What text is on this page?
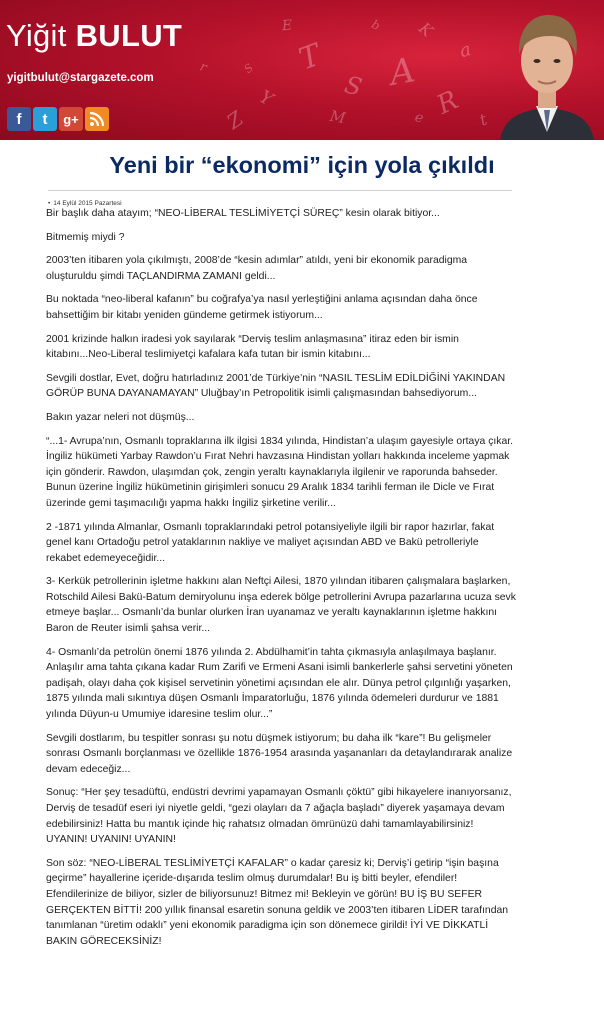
T
S A
Y	R
K
Z	M
E	b
a
r	S
e	t
Yiğit BULUT
yigitbulut@stargazete.com
f	t	g+
Yeni bir “ekonomi” için yola çıkıldı
• 14 Eylül 2015 Pazartesi

Bir başlık daha atayım; “NEO-LİBERAL TESLİMİYETÇİ SÜREÇ” kesin olarak bitiyor...

Bitmemiş miydi ?

2003’ten itibaren yola çıkılmıştı, 2008’de “kesin adımlar” atıldı, yeni bir ekonomik paradigma oluşturuldu şimdi TAÇLANDIRMA ZAMANI geldi...

Bu noktada “neo-liberal kafanın” bu coğrafya’ya nasıl yerleştiğini anlama açısından daha önce bahsettiğim bir kitabı yeniden gündeme getirmek istiyorum...

2001 krizinde halkın iradesi yok sayılarak “Derviş teslim anlaşmasına” itiraz eden bir ismin kitabını...Neo-Liberal teslimiyetçi kafalara kafa tutan bir ismin kitabını...

Sevgili dostlar, Evet, doğru hatırladınız 2001’de Türkiye’nin “NASIL TESLİM EDİLDİĞİNİ YAKINDAN GÖRÜP BUNA DAYANAMAYAN” Uluğbay’ın Petropolitik isimli çalışmasından bahsediyorum...

Bakın yazar neleri not düşmüş...

“...1- Avrupa’nın, Osmanlı topraklarına ilk ilgisi 1834 yılında, Hindistan’a ulaşım gayesiyle ortaya çıkar. İngiliz hükümeti Yarbay Rawdon’u Fırat Nehri havzasına Hindistan yolları hakkında inceleme yapmak için gönderir. Rawdon, ulaşımdan çok, zengin yeraltı kaynaklarıyla ilgilenir ve raporunda bahseder. Bunun üzerine İngiliz hükümetinin girişimleri sonucu 29 Aralık 1834 tarihli ferman ile Dicle ve Fırat üzerinde gemi taşımacılığı yapma hakkı İngiliz şirketine verilir...

2 -1871 yılında Almanlar, Osmanlı topraklarındaki petrol potansiyeliyle ilgili bir rapor hazırlar, fakat genel kanı Ortadoğu petrol yataklarının nakliye ve maliyet açısından ABD ve Bakü petrolleriyle rekabet edemeyeceğidir...

3- Kerkük petrollerinin işletme hakkını alan Neftçi Ailesi, 1870 yılından itibaren çalışmalara başlarken, Rotschild Ailesi Bakü-Batum demiryolunu inşa ederek bölge petrollerini Avrupa pazarlarına ucuza sevk etmeye başlar... Osmanlı’da bunlar olurken İran uyanamaz ve yeraltı kaynaklarının işletme hakkını Baron de Reuter isimli şahsa verir...

4- Osmanlı’da petrolün önemi 1876 yılında 2. Abdülhamit’in tahta çıkmasıyla anlaşılmaya başlanır. Anlaşılır ama tahta çıkana kadar Rum Zarifi ve Ermeni Asani isimli bankerlerle şahsi servetini yöneten padişah, olayı daha çok kişisel servetinin yönetimi açısından ele alır. Dünya petrol çılgınlığı yaşarken, 1875 yılında mali sıkıntıya düşen Osmanlı İmparatorluğu, 1876 yılında ödemeleri durdurur ve 1881 yılında Düyun-u Umumiye idaresine teslim olur...”

Sevgili dostlarım, bu tespitler sonrası şu notu düşmek istiyorum; bu daha ilk “kare”! Bu gelişmeler sonrası Osmanlı borçlanması ve özellikle 1876-1954 arasında yaşananları da detaylandırarak analize devam edeceğiz...

Sonuç: “Her şey tesadüftü, endüstri devrimi yapamayan Osmanlı çöktü” gibi hikayelere inanıyorsanız, Derviş de tesadüf eseri iyi niyetle geldi, “gezi olayları da 7 ağaçla başladı” diyerek yaşamaya devam edebilirsiniz! Hatta bu mantık içinde hiç rahatsız olmadan ömrünüzü dahi tamamlayabilirsiniz! UYANIN! UYANIN! UYANIN!

Son söz: “NEO-LİBERAL TESLİMİYETÇİ KAFALAR” o kadar çaresiz ki; Derviş’i getirip “işin başına geçirme” hayallerine içeride-dışarıda teslim olmuş durumdalar! Bu iş bitti beyler, efendiler! Efendilerinize de biliyor, sizler de biliyorsunuz! Bitmez mi! Bekleyin ve görün! BU İŞ BU SEFER GERÇEKTEN BİTTİ! 200 yıllık finansal esaretin sonuna geldik ve 2003’ten itibaren LİDER tarafından tanımlanan “üretim odaklı” yeni ekonomik paradigma için son dönemece girildi! İYİ VE DİKKATLİ BAKIN GÖRECEKSİNİZ!
